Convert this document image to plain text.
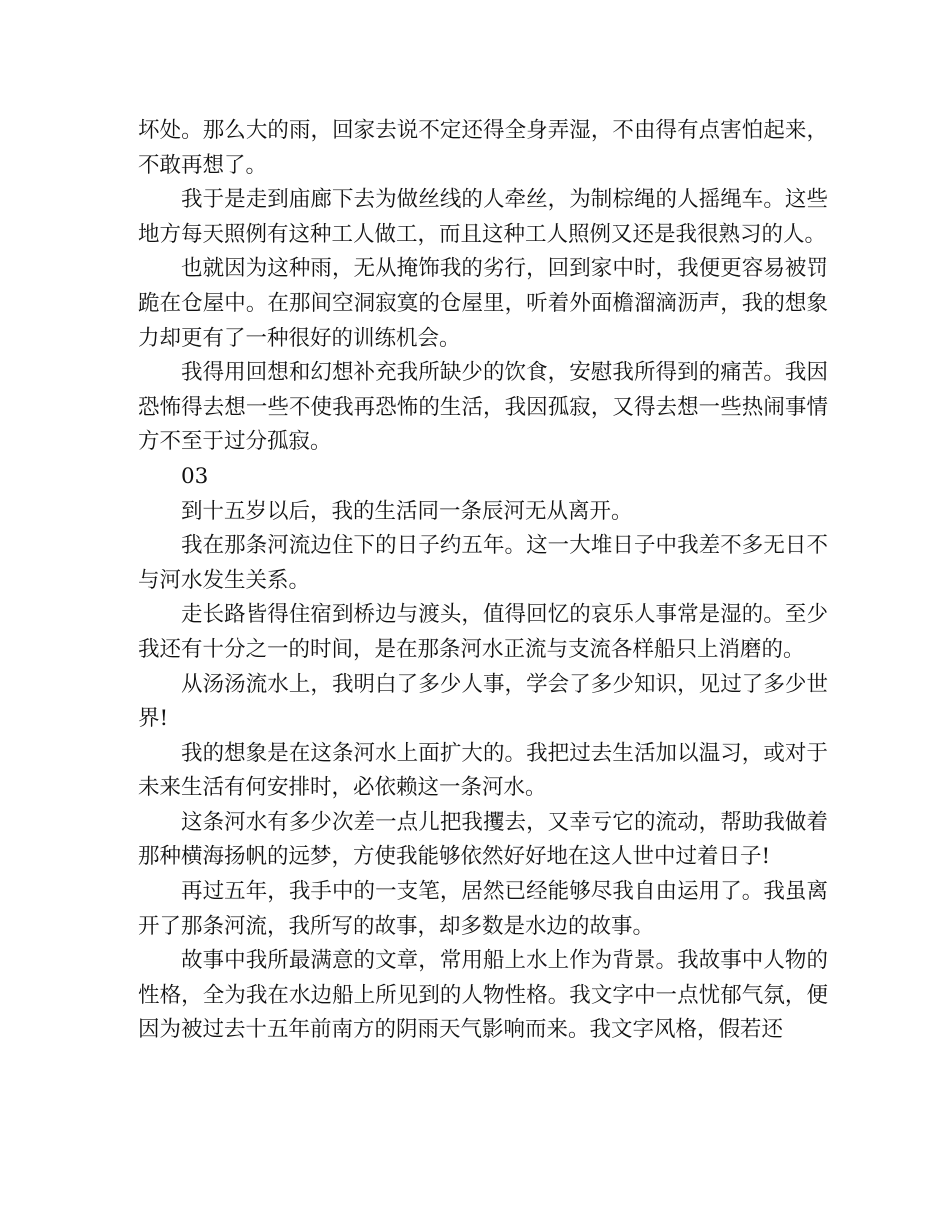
坏处。那么大的雨，回家去说不定还得全身弄湿，不由得有点害怕起来，不敢再想了。

我于是走到庙廊下去为做丝线的人牵丝，为制棕绳的人摇绳车。这些地方每天照例有这种工人做工，而且这种工人照例又还是我很熟习的人。

也就因为这种雨，无从掩饰我的劣行，回到家中时，我便更容易被罚跪在仓屋中。在那间空洞寂寞的仓屋里，听着外面檐溜滴沥声，我的想象力却更有了一种很好的训练机会。

我得用回想和幻想补充我所缺少的饮食，安慰我所得到的痛苦。我因恐怖得去想一些不使我再恐怖的生活，我因孤寂，又得去想一些热闹事情方不至于过分孤寂。

03

到十五岁以后，我的生活同一条辰河无从离开。

我在那条河流边住下的日子约五年。这一大堆日子中我差不多无日不与河水发生关系。

走长路皆得住宿到桥边与渡头，值得回忆的哀乐人事常是湿的。至少我还有十分之一的时间，是在那条河水正流与支流各样船只上消磨的。

从汤汤流水上，我明白了多少人事，学会了多少知识，见过了多少世界!

我的想象是在这条河水上面扩大的。我把过去生活加以温习，或对于未来生活有何安排时，必依赖这一条河水。

这条河水有多少次差一点儿把我攫去，又幸亏它的流动，帮助我做着那种横海扬帆的远梦，方使我能够依然好好地在这人世中过着日子!

再过五年，我手中的一支笔，居然已经能够尽我自由运用了。我虽离开了那条河流，我所写的故事，却多数是水边的故事。

故事中我所最满意的文章，常用船上水上作为背景。我故事中人物的性格，全为我在水边船上所见到的人物性格。我文字中一点忧郁气氛，便因为被过去十五年前南方的阴雨天气影响而来。我文字风格，假若还
